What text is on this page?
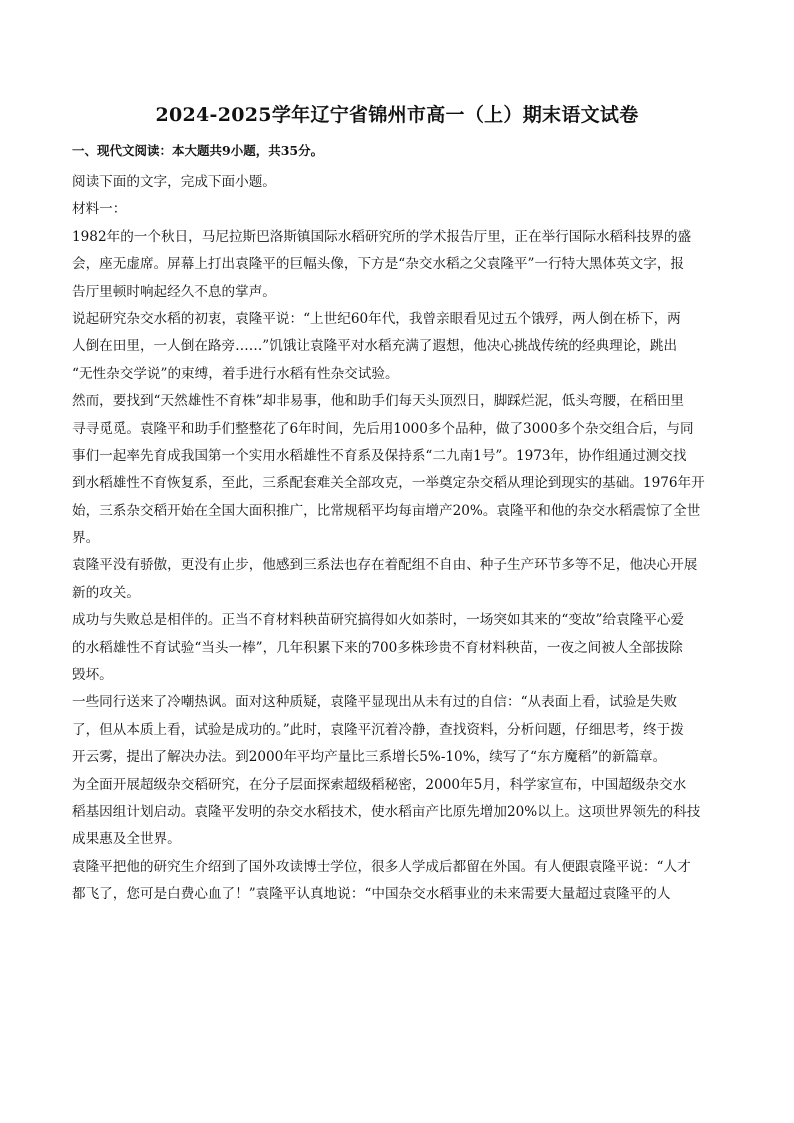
2024-2025学年辽宁省锦州市高一（上）期末语文试卷
一、现代文阅读：本大题共9小题，共35分。

阅读下面的文字，完成下面小题。

材料一：

1982年的一个秋日，马尼拉斯巴洛斯镇国际水稻研究所的学术报告厅里，正在举行国际水稻科技界的盛

会，座无虚席。屏幕上打出袁隆平的巨幅头像，下方是“杂交水稻之父袁隆平”一行特大黑体英文字，报

告厅里顿时响起经久不息的掌声。

说起研究杂交水稻的初衷，袁隆平说：“上世纪60年代，我曾亲眼看见过五个饿殍，两人倒在桥下，两

人倒在田里，一人倒在路旁……”饥饿让袁隆平对水稻充满了遐想，他决心挑战传统的经典理论，跳出

“无性杂交学说”的束缚，着手进行水稻有性杂交试验。

然而，要找到“天然雄性不育株”却非易事，他和助手们每天头顶烈日，脚踩烂泥，低头弯腰，在稻田里

寻寻觅觅。袁隆平和助手们整整花了6年时间，先后用1000多个品种，做了3000多个杂交组合后，与同

事们一起率先育成我国第一个实用水稻雄性不育系及保持系“二九南1号”。1973年，协作组通过测交找

到水稻雄性不育恢复系，至此，三系配套难关全部攻克，一举奠定杂交稻从理论到现实的基础。1976年开

始，三系杂交稻开始在全国大面积推广，比常规稻平均每亩增产20%。袁隆平和他的杂交水稻震惊了全世

界。

袁隆平没有骄傲，更没有止步，他感到三系法也存在着配组不自由、种子生产环节多等不足，他决心开展

新的攻关。

成功与失败总是相伴的。正当不育材料秧苗研究搞得如火如荼时，一场突如其来的“变故”给袁隆平心爱

的水稻雄性不育试验“当头一棒”，几年积累下来的700多株珍贵不育材料秧苗，一夜之间被人全部拔除

毁坏。

一些同行送来了冷嘲热讽。面对这种质疑，袁隆平显现出从未有过的自信：“从表面上看，试验是失败

了，但从本质上看，试验是成功的。”此时，袁隆平沉着冷静，查找资料，分析问题，仔细思考，终于拨

开云雾，提出了解决办法。到2000年平均产量比三系增长5%-10%，续写了“东方魔稻”的新篇章。

为全面开展超级杂交稻研究，在分子层面探索超级稻秘密，2000年5月，科学家宣布，中国超级杂交水

稻基因组计划启动。袁隆平发明的杂交水稻技术，使水稻亩产比原先增加20%以上。这项世界领先的科技

成果惠及全世界。

袁隆平把他的研究生介绍到了国外攻读博士学位，很多人学成后都留在外国。有人便跟袁隆平说：“人才

都飞了，您可是白费心血了！”袁隆平认真地说：“中国杂交水稻事业的未来需要大量超过袁隆平的人
